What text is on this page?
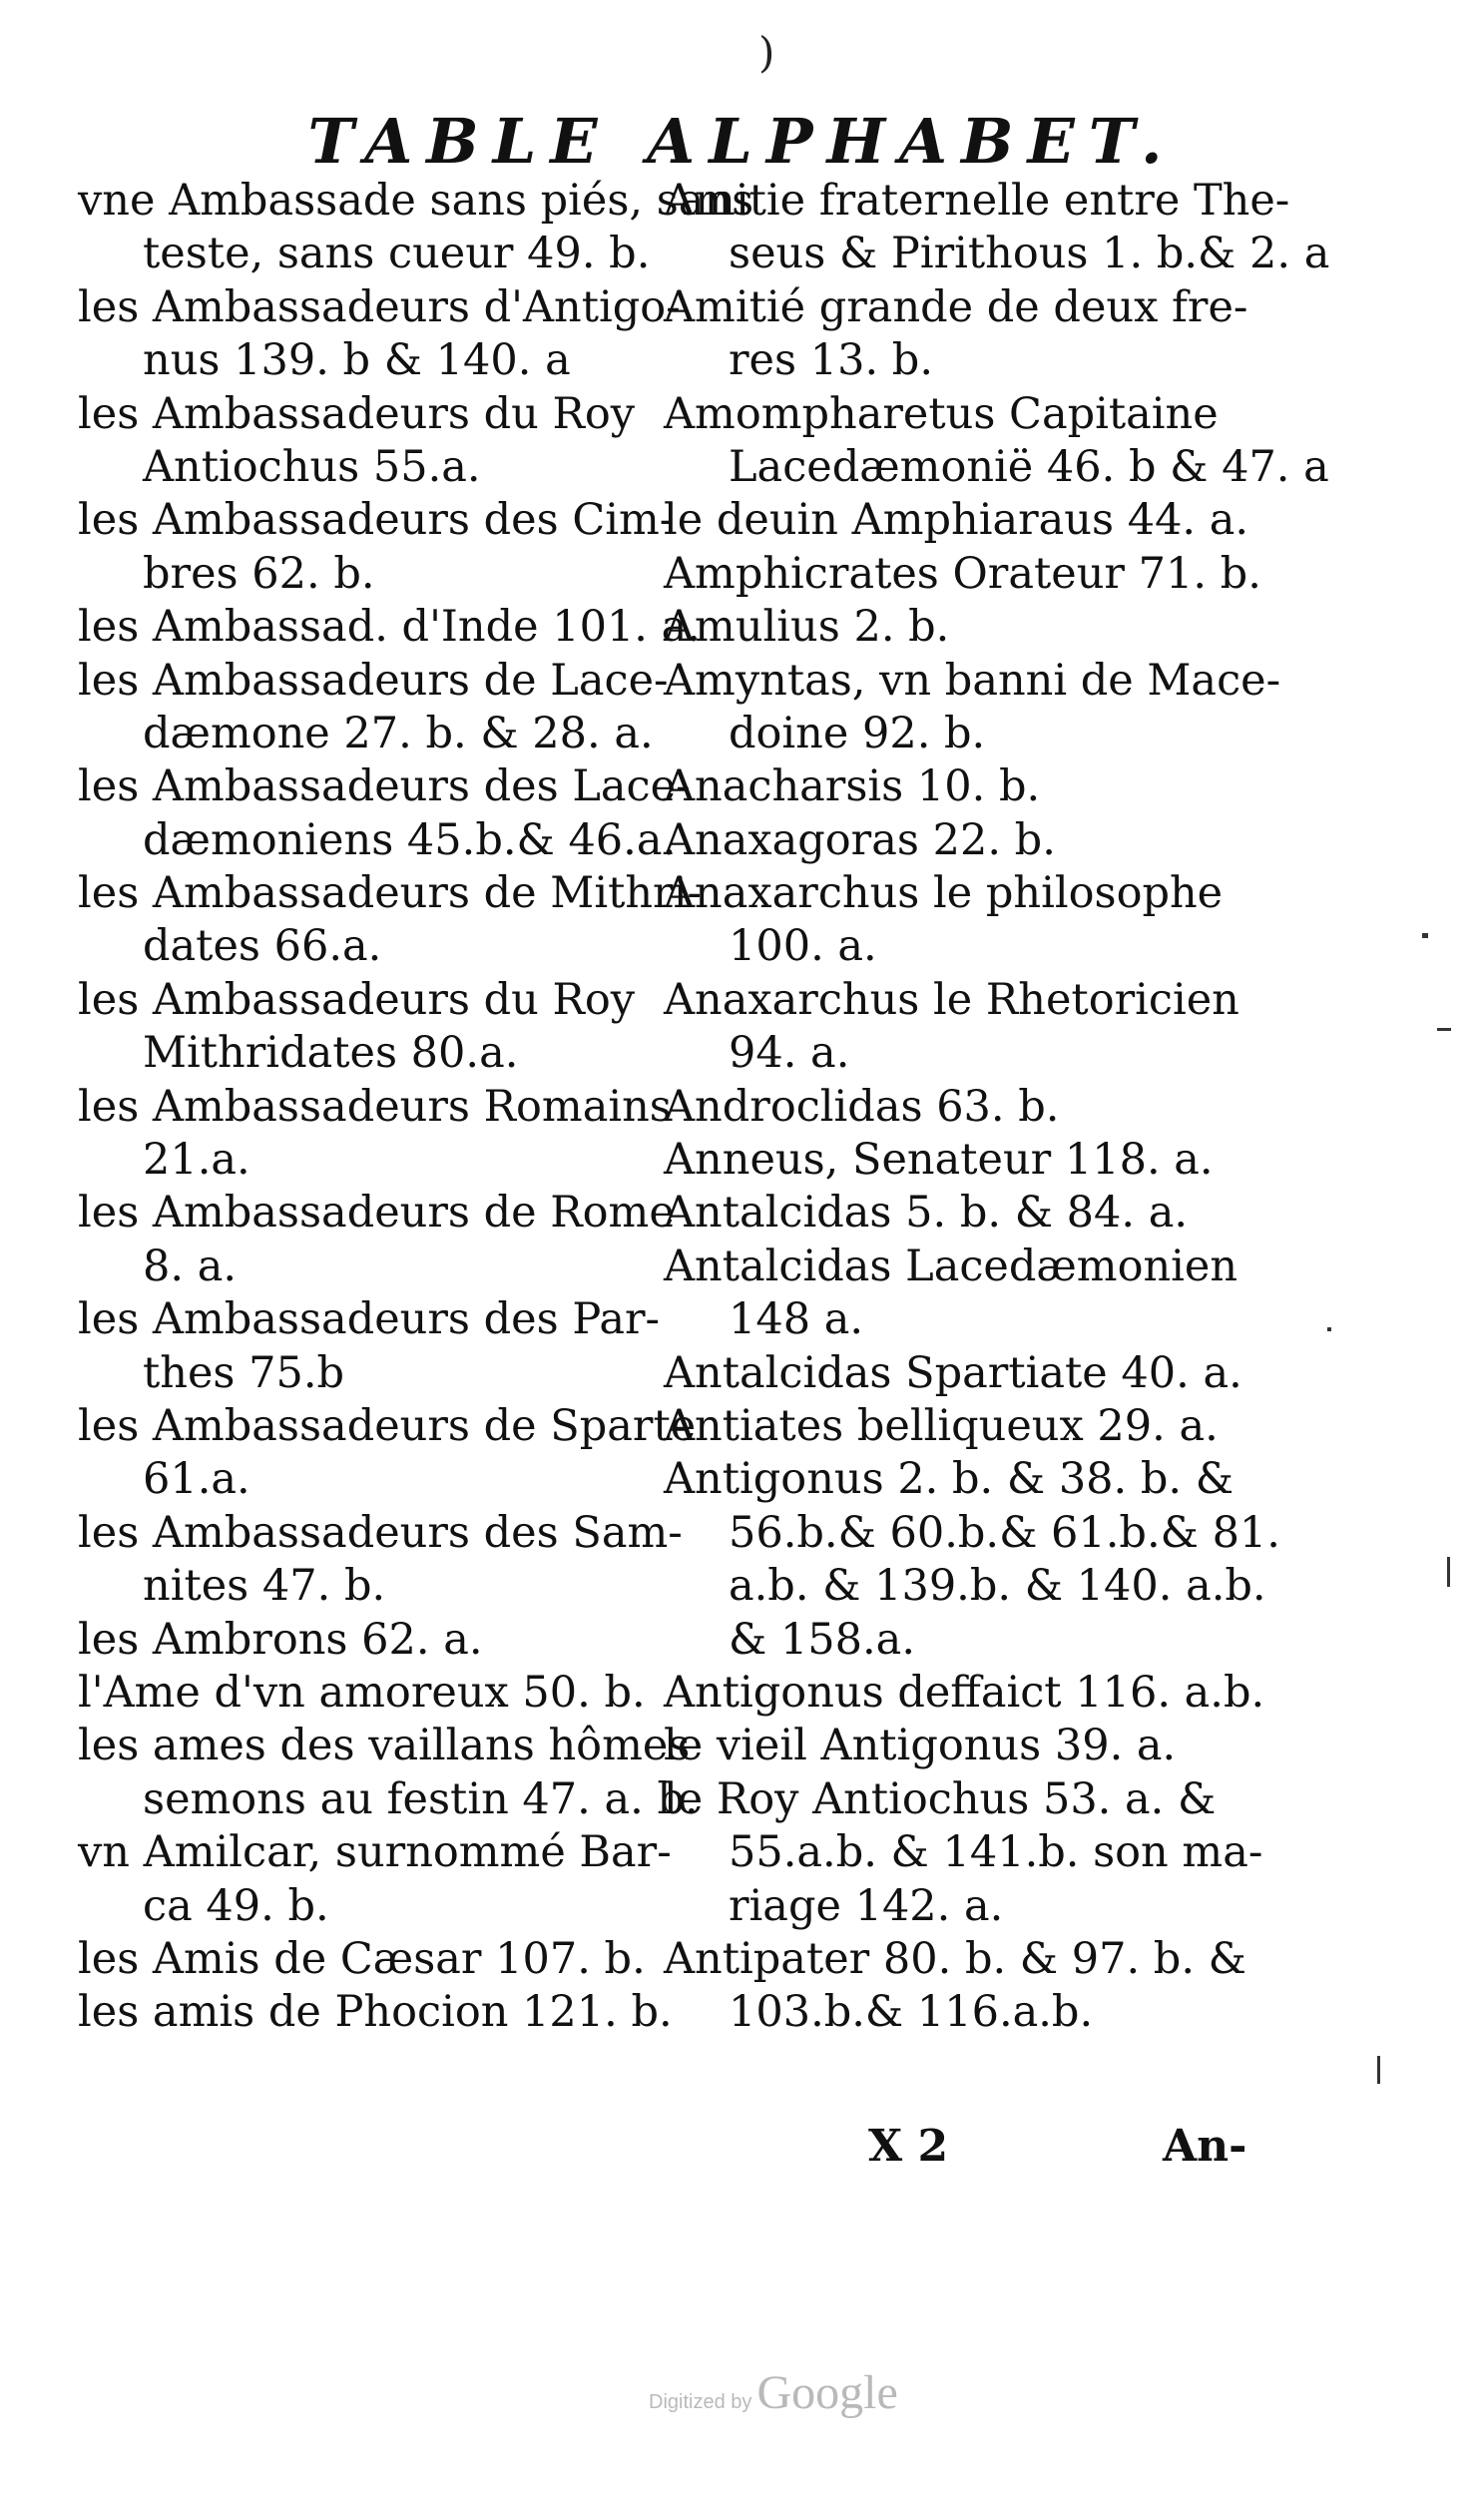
)
TABLE ALPHABET.
vne Ambassade sans piés, sans
teste, sans cueur 49. b.
les Ambassadeurs d'Antigo-
nus 139. b & 140. a
les Ambassadeurs du Roy
Antiochus 55.a.
les Ambassadeurs des Cim-
bres 62. b.
les Ambassad. d'Inde 101. a.
les Ambassadeurs de Lace-
dæmone 27. b. & 28. a.
les Ambassadeurs des Lace-
dæmoniens 45.b.& 46.a.
les Ambassadeurs de Mithri-
dates 66.a.
les Ambassadeurs du Roy
Mithridates 80.a.
les Ambassadeurs Romains
21.a.
les Ambassadeurs de Rome
8. a.
les Ambassadeurs des Par-
thes 75.b
les Ambassadeurs de Sparte
61.a.
les Ambassadeurs des Sam-
nites 47. b.
les Ambrons 62. a.
l'Ame d'vn amoreux 50. b.
les ames des vaillans hômes
semons au festin 47. a. b.
vn Amilcar, surnommé Bar-
ca 49. b.
les Amis de Cæsar 107. b.
les amis de Phocion 121. b.
Amitie fraternelle entre The-
seus & Pirithous 1. b.& 2. a
Amitié grande de deux fre-
res 13. b.
Amompharetus Capitaine
Lacedæmonië 46. b & 47. a
le deuin Amphiaraus 44. a.
Amphicrates Orateur 71. b.
Amulius 2. b.
Amyntas, vn banni de Mace-
doine 92. b.
Anacharsis 10. b.
Anaxagoras 22. b.
Anaxarchus le philosophe
100. a.
Anaxarchus le Rhetoricien
94. a.
Androclidas 63. b.
Anneus, Senateur 118. a.
Antalcidas 5. b. & 84. a.
Antalcidas Lacedæmonien
148 a.
Antalcidas Spartiate 40. a.
Antiates belliqueux 29. a.
Antigonus 2. b. & 38. b. &
56.b.& 60.b.& 61.b.& 81.
a.b. & 139.b. & 140. a.b.
& 158.a.
Antigonus deffaict 116. a.b.
le vieil Antigonus 39. a.
le Roy Antiochus 53. a. &
55.a.b. & 141.b. son ma-
riage 142. a.
Antipater 80. b. & 97. b. &
103.b.& 116.a.b.
X 2	An-
Digitized by Google
